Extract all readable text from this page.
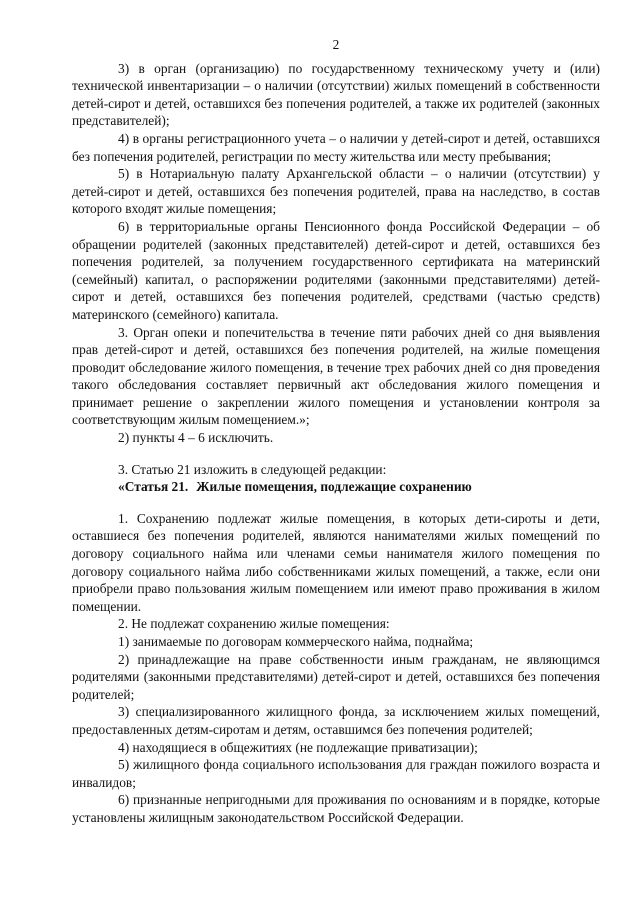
2

3) в орган (организацию) по государственному техническому учету и (или) технической инвентаризации – о наличии (отсутствии) жилых помещений в собственности детей-сирот и детей, оставшихся без попечения родителей, а также их родителей (законных представителей);

4) в органы регистрационного учета – о наличии у детей-сирот и детей, оставшихся без попечения родителей, регистрации по месту жительства или месту пребывания;

5) в Нотариальную палату Архангельской области – о наличии (отсутствии) у детей-сирот и детей, оставшихся без попечения родителей, права на наследство, в состав которого входят жилые помещения;

6) в территориальные органы Пенсионного фонда Российской Федерации – об обращении родителей (законных представителей) детей-сирот и детей, оставшихся без попечения родителей, за получением государственного сертификата на материнский (семейный) капитал, о распоряжении родителями (законными представителями) детей-сирот и детей, оставшихся без попечения родителей, средствами (частью средств) материнского (семейного) капитала.

3. Орган опеки и попечительства в течение пяти рабочих дней со дня выявления прав детей-сирот и детей, оставшихся без попечения родителей, на жилые помещения проводит обследование жилого помещения, в течение трех рабочих дней со дня проведения такого обследования составляет первичный акт обследования жилого помещения и принимает решение о закреплении жилого помещения и установлении контроля за соответствующим жилым помещением.»;

2) пункты 4 – 6 исключить.

3. Статью 21 изложить в следующей редакции:

«Статья 21. Жилые помещения, подлежащие сохранению

1. Сохранению подлежат жилые помещения, в которых дети-сироты и дети, оставшиеся без попечения родителей, являются нанимателями жилых помещений по договору социального найма или членами семьи нанимателя жилого помещения по договору социального найма либо собственниками жилых помещений, а также, если они приобрели право пользования жилым помещением или имеют право проживания в жилом помещении.

2. Не подлежат сохранению жилые помещения:

1) занимаемые по договорам коммерческого найма, поднайма;

2) принадлежащие на праве собственности иным гражданам, не являющимся родителями (законными представителями) детей-сирот и детей, оставшихся без попечения родителей;

3) специализированного жилищного фонда, за исключением жилых помещений, предоставленных детям-сиротам и детям, оставшимся без попечения родителей;

4) находящиеся в общежитиях (не подлежащие приватизации);

5) жилищного фонда социального использования для граждан пожилого возраста и инвалидов;

6) признанные непригодными для проживания по основаниям и в порядке, которые установлены жилищным законодательством Российской Федерации.
